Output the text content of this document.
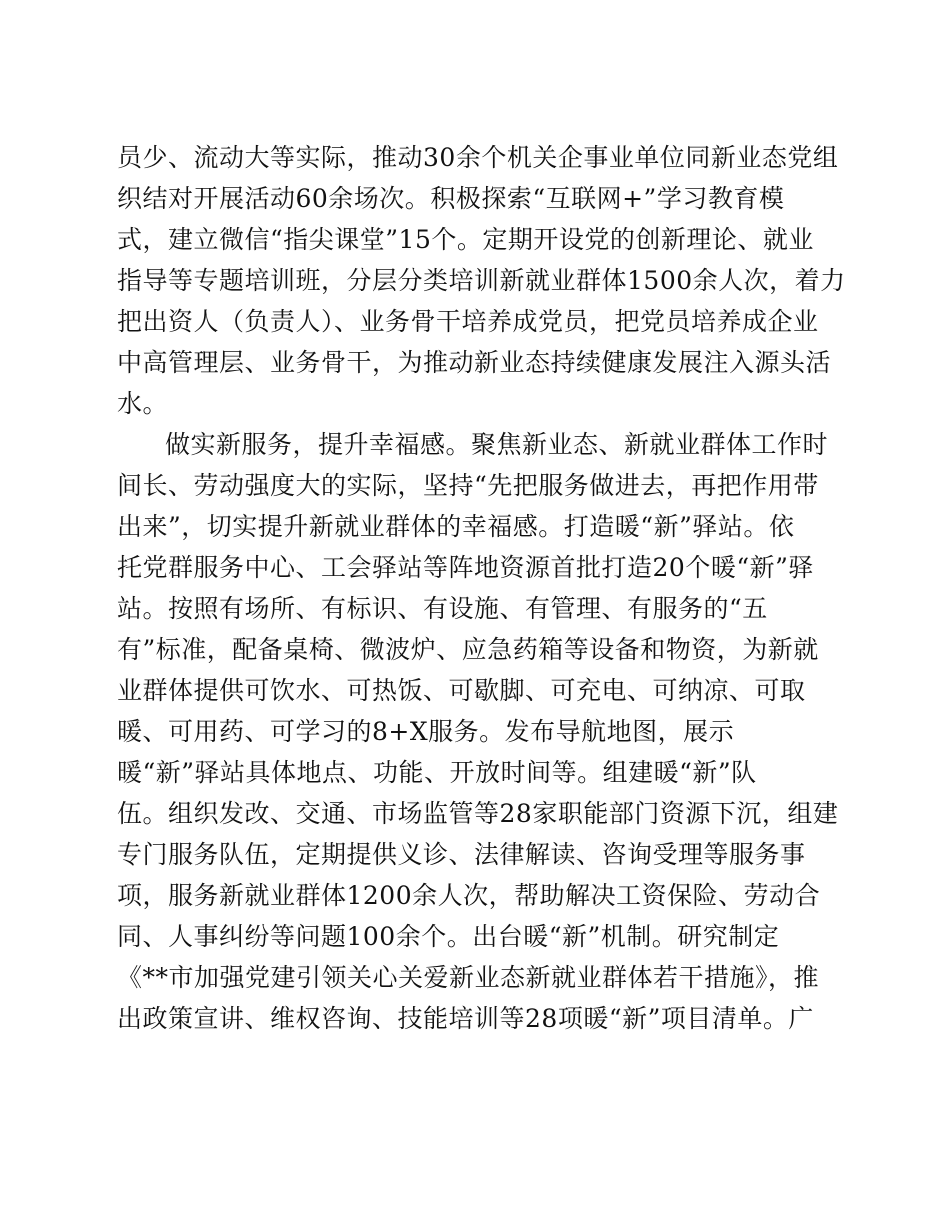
员少、流动大等实际，推动30余个机关企事业单位同新业态党组
织结对开展活动60余场次。积极探索“互联网+”学习教育模
式，建立微信“指尖课堂”15个。定期开设党的创新理论、就业
指导等专题培训班，分层分类培训新就业群体1500余人次，着力
把出资人（负责人）、业务骨干培养成党员，把党员培养成企业
中高管理层、业务骨干，为推动新业态持续健康发展注入源头活
水。
做实新服务，提升幸福感。聚焦新业态、新就业群体工作时
间长、劳动强度大的实际，坚持“先把服务做进去，再把作用带
出来”，切实提升新就业群体的幸福感。打造暖“新”驿站。依
托党群服务中心、工会驿站等阵地资源首批打造20个暖“新”驿
站。按照有场所、有标识、有设施、有管理、有服务的“五
有”标准，配备桌椅、微波炉、应急药箱等设备和物资，为新就
业群体提供可饮水、可热饭、可歇脚、可充电、可纳凉、可取
暖、可用药、可学习的8+X服务。发布导航地图，展示
暖“新”驿站具体地点、功能、开放时间等。组建暖“新”队
伍。组织发改、交通、市场监管等28家职能部门资源下沉，组建
专门服务队伍，定期提供义诊、法律解读、咨询受理等服务事
项，服务新就业群体1200余人次，帮助解决工资保险、劳动合
同、人事纠纷等问题100余个。出台暖“新”机制。研究制定
《**市加强党建引领关心关爱新业态新就业群体若干措施》，推
出政策宣讲、维权咨询、技能培训等28项暖“新”项目清单。广
